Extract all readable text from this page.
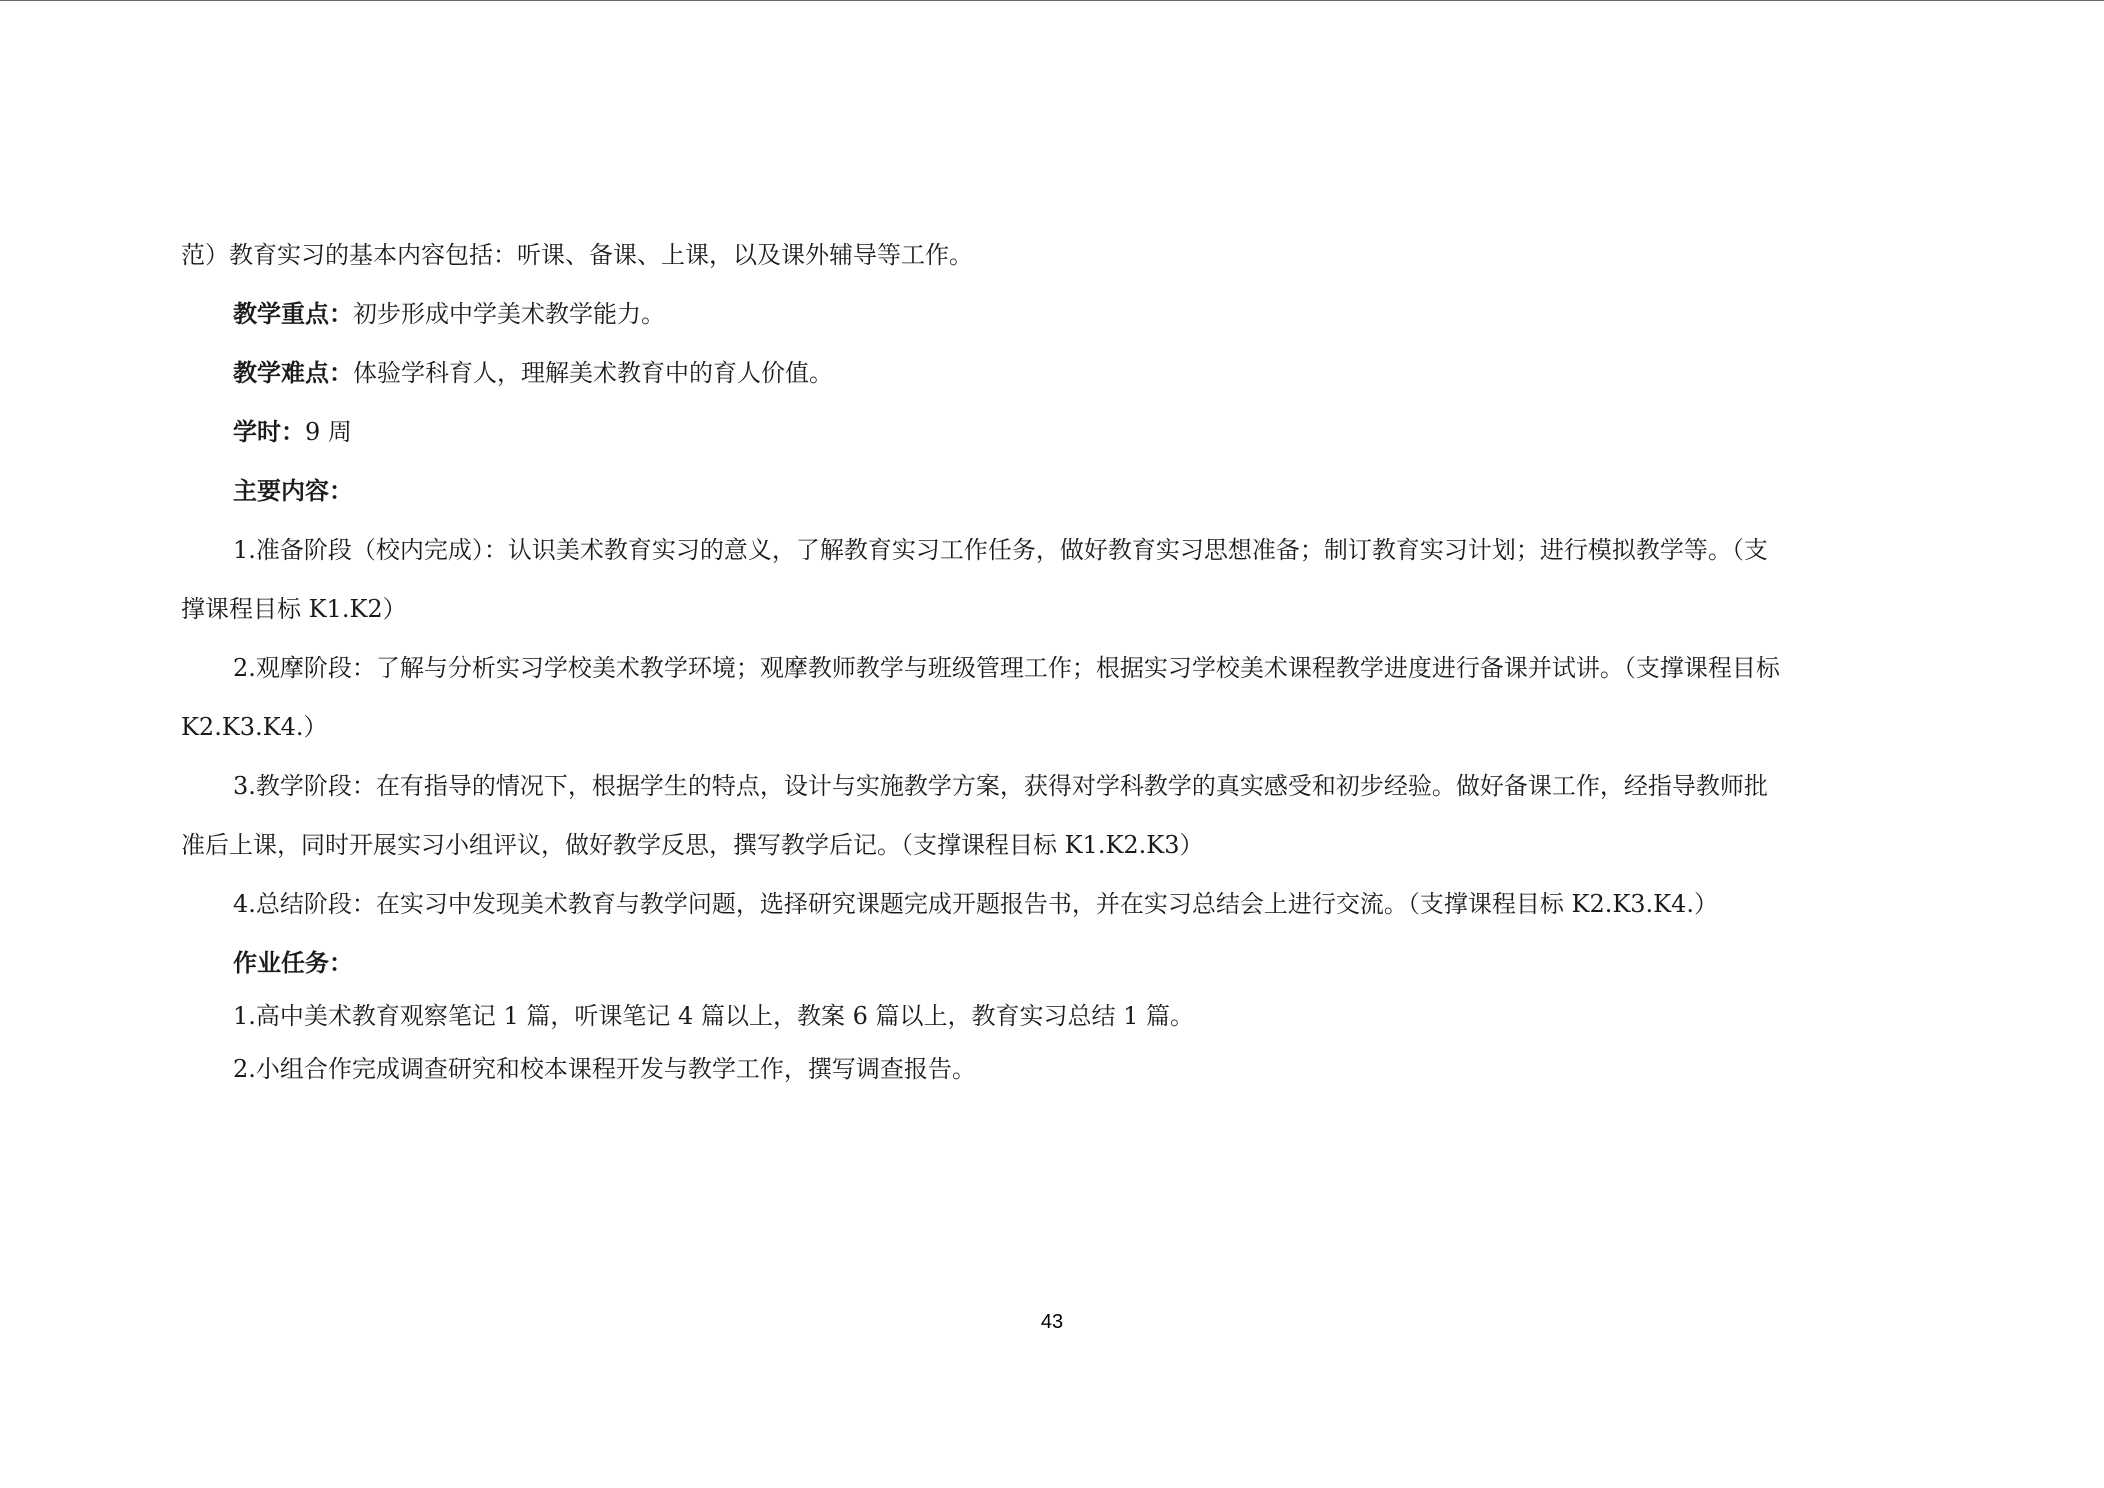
范）教育实习的基本内容包括：听课、备课、上课，以及课外辅导等工作。
教学重点：初步形成中学美术教学能力。
教学难点：体验学科育人，理解美术教育中的育人价值。
学时：9 周
主要内容：
1.准备阶段（校内完成）：认识美术教育实习的意义，了解教育实习工作任务，做好教育实习思想准备；制订教育实习计划；进行模拟教学等。（支
撑课程目标 K1.K2）
2.观摩阶段：了解与分析实习学校美术教学环境；观摩教师教学与班级管理工作；根据实习学校美术课程教学进度进行备课并试讲。（支撑课程目标
K2.K3.K4.）
3.教学阶段：在有指导的情况下，根据学生的特点，设计与实施教学方案，获得对学科教学的真实感受和初步经验。做好备课工作，经指导教师批
准后上课，同时开展实习小组评议，做好教学反思，撰写教学后记。（支撑课程目标 K1.K2.K3）
4.总结阶段：在实习中发现美术教育与教学问题，选择研究课题完成开题报告书，并在实习总结会上进行交流。（支撑课程目标 K2.K3.K4.）
作业任务：
1.高中美术教育观察笔记 1 篇，听课笔记 4 篇以上，教案 6 篇以上，教育实习总结 1 篇。
2.小组合作完成调查研究和校本课程开发与教学工作，撰写调查报告。
43
